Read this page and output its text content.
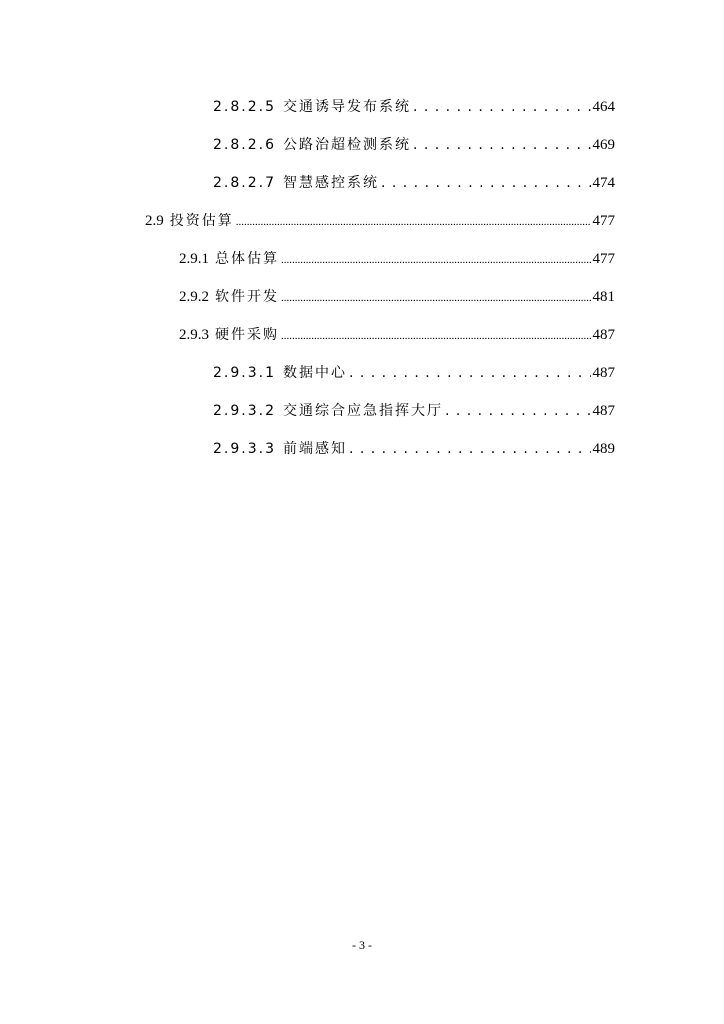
2.8.2.5 交通诱导发布系统 . . .	464
2.8.2.6 公路治超检测系统 . . .	469
2.8.2.7 智慧感控系统 . . .	474
2.9 投资估算 .....	477
2.9.1 总体估算 .....	477
2.9.2 软件开发 .....	481
2.9.3 硬件采购 .....	487
2.9.3.1 数据中心 . . .	487
2.9.3.2 交通综合应急指挥大厅 . . .	487
2.9.3.3 前端感知 . . .	489
- 3 -
